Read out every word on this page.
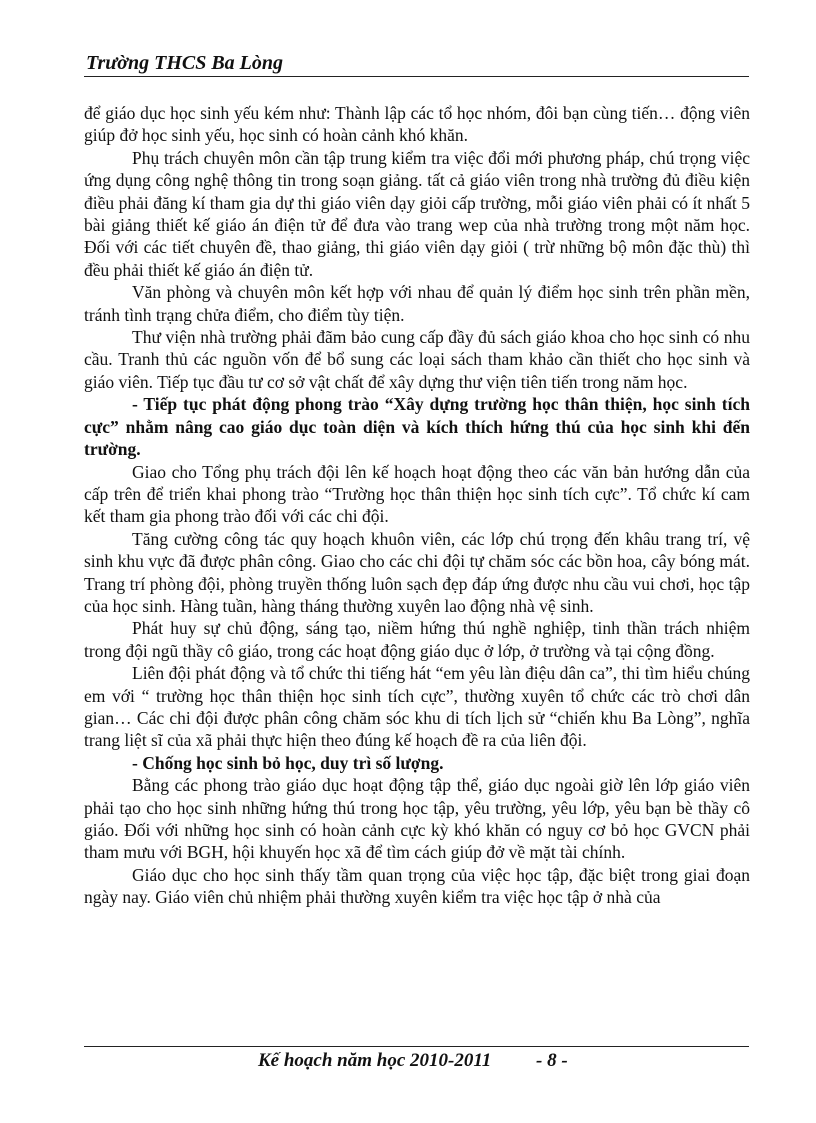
Trường THCS Ba Lòng

để giáo dục học sinh yếu kém như: Thành lập các tổ học nhóm, đôi bạn cùng tiến… động viên giúp đở học sinh yếu, học sinh có hoàn cảnh khó khăn.

Phụ trách chuyên môn cần tập trung kiểm tra việc đổi mới phương pháp, chú trọng việc ứng dụng công nghệ thông tin trong soạn giảng. tất cả giáo viên trong nhà trường đủ điều kiện điều phải đăng kí tham gia dự thi giáo viên dạy giỏi cấp trường, mỗi giáo viên phải có ít nhất 5 bài giảng thiết kế giáo án điện tử để đưa vào trang wep của nhà trường trong một năm học. Đối với các tiết chuyên đề, thao giảng, thi giáo viên dạy giỏi ( trừ những bộ môn đặc thù) thì đều phải thiết kế giáo án điện tử.

Văn phòng và chuyên môn kết hợp với nhau để quản lý điểm học sinh trên phần mền, tránh tình trạng chửa điểm, cho điểm tùy tiện.

Thư viện nhà trường phải đãm bảo cung cấp đầy đủ sách giáo khoa cho học sinh có nhu cầu. Tranh thủ các nguồn vốn để bổ sung các loại sách tham khảo cần thiết cho học sinh và giáo viên. Tiếp tục đầu tư cơ sở vật chất để xây dựng thư viện tiên tiến trong năm học.

- Tiếp tục phát động phong trào “Xây dựng trường học thân thiện, học sinh tích cực” nhằm nâng cao giáo dục toàn diện và kích thích hứng thú của học sinh khi đến trường.

Giao cho Tổng phụ trách đội lên kế hoạch hoạt động theo các văn bản hướng dẫn của cấp trên để triển khai phong trào “Trường học thân thiện học sinh tích cực”. Tổ chức kí cam kết tham gia phong trào đối với các chi đội.

Tăng cường công tác quy hoạch khuôn viên, các lớp chú trọng đến khâu trang trí, vệ sinh khu vực đã được phân công. Giao cho các chi đội tự chăm sóc các bồn hoa, cây bóng mát. Trang trí phòng đội, phòng truyền thống luôn sạch đẹp đáp ứng được nhu cầu vui chơi, học tập của học sinh. Hàng tuần, hàng tháng thường xuyên lao động nhà vệ sinh.

Phát huy sự chủ động, sáng tạo, niềm hứng thú nghề nghiệp, tinh thần trách nhiệm trong đội ngũ thầy cô giáo, trong các hoạt động giáo dục ở lớp, ở trường và tại cộng đồng.

Liên đội phát động và tổ chức thi tiếng hát “em yêu làn điệu dân ca”, thi tìm hiểu chúng em với “ trường học thân thiện học sinh tích cực”, thường xuyên tổ chức các trò chơi dân gian… Các chi đội được phân công chăm sóc khu di tích lịch sử “chiến khu Ba Lòng”, nghĩa trang liệt sĩ của xã phải thực hiện theo đúng kế hoạch đề ra của liên đội.

- Chống học sinh bỏ học, duy trì số lượng.

Bằng các phong trào giáo dục hoạt động tập thể, giáo dục ngoài giờ lên lớp giáo viên phải tạo cho học sinh những hứng thú trong học tập, yêu trường, yêu lớp, yêu bạn bè thầy cô giáo. Đối với những học sinh có hoàn cảnh cực kỳ khó khăn có nguy cơ bỏ học GVCN phải tham mưu với BGH, hội khuyến học xã để tìm cách giúp đở về mặt tài chính.

Giáo dục cho học sinh thấy tầm quan trọng của việc học tập, đặc biệt trong giai đoạn ngày nay. Giáo viên chủ nhiệm phải thường xuyên kiểm tra việc học tập ở nhà của

Kế hoạch năm học 2010-2011 - 8 -
